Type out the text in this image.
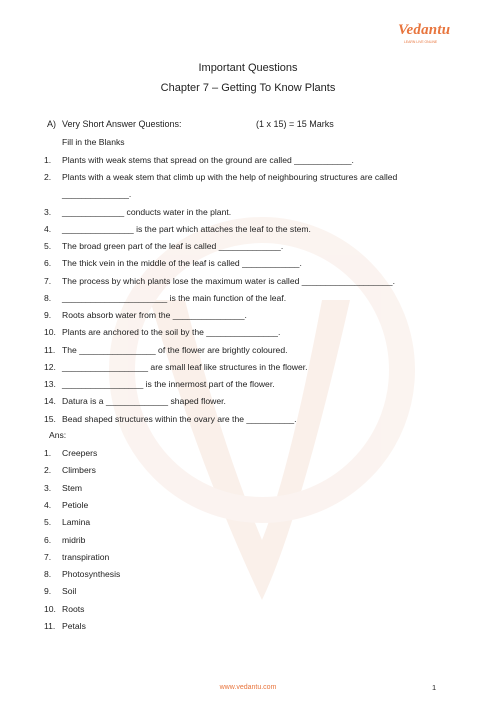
Vedantu
LEARN LIVE ONLINE
Important Questions
Chapter 7 – Getting To Know Plants
A) Very Short Answer Questions:	(1 x 15) = 15 Marks
Fill in the Blanks
1. Plants with weak stems that spread on the ground are called ____________.
2. Plants with a weak stem that climb up with the help of neighbouring structures are called
______________.
3. _____________ conducts water in the plant.
4. _______________ is the part which attaches the leaf to the stem.
5. The broad green part of the leaf is called _____________.
6. The thick vein in the middle of the leaf is called ____________.
7. The process by which plants lose the maximum water is called ___________________.
8. ______________________ is the main function of the leaf.
9. Roots absorb water from the _______________.
10. Plants are anchored to the soil by the _______________.
11. The ________________ of the flower are brightly coloured.
12. __________________ are small leaf like structures in the flower.
13. _________________ is the innermost part of the flower.
14. Datura is a _____________ shaped flower.
15. Bead shaped structures within the ovary are the __________.
Ans:
1. Creepers
2. Climbers
3. Stem
4. Petiole
5. Lamina
6. midrib
7. transpiration
8. Photosynthesis
9. Soil
10. Roots
11. Petals
www.vedantu.com	1
